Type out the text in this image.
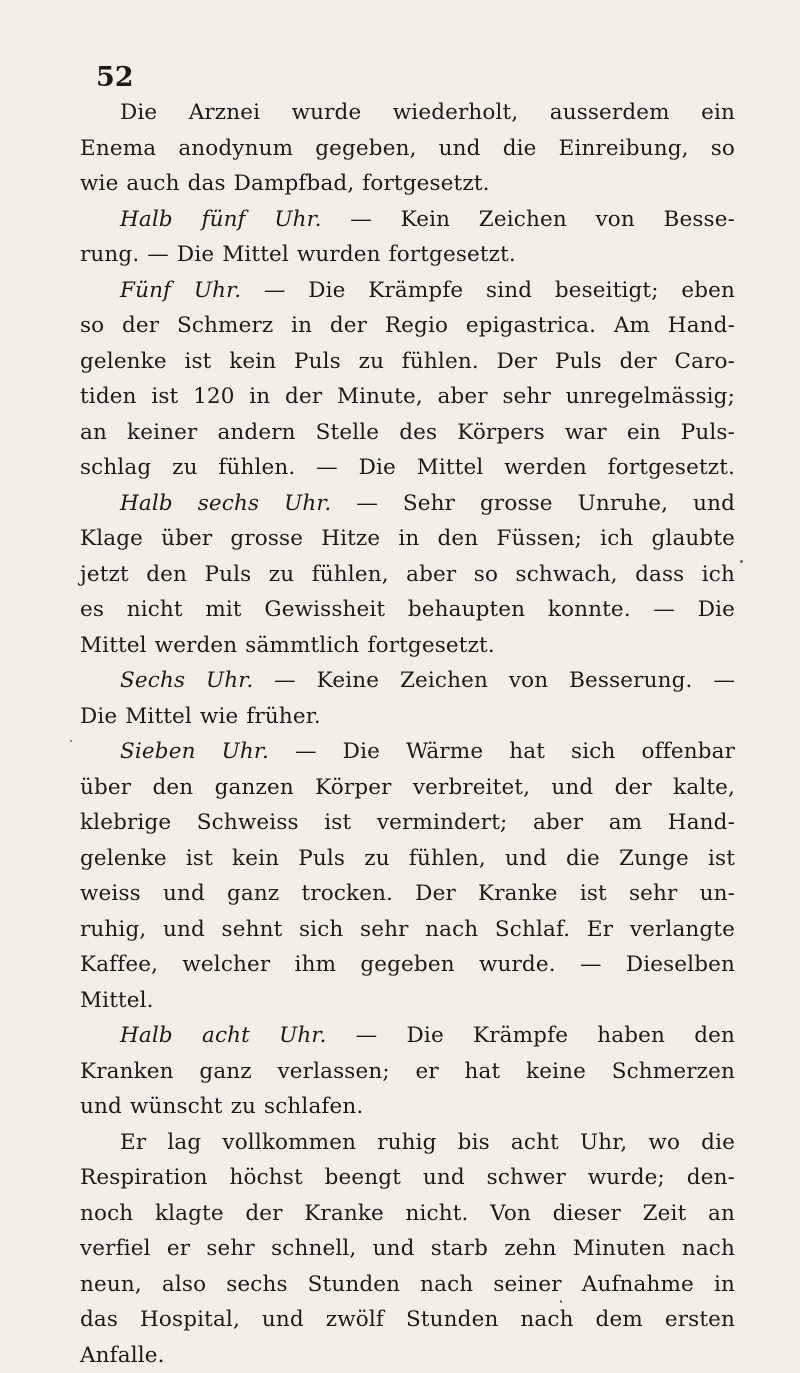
52
Die Arznei wurde wiederholt, ausserdem ein
Enema anodynum gegeben, und die Einreibung, so
wie auch das Dampfbad, fortgesetzt.
Halb fünf Uhr. — Kein Zeichen von Besse-
rung. — Die Mittel wurden fortgesetzt.
Fünf Uhr. — Die Krämpfe sind beseitigt; eben
so der Schmerz in der Regio epigastrica. Am Hand-
gelenke ist kein Puls zu fühlen. Der Puls der Caro-
tiden ist 120 in der Minute, aber sehr unregelmässig;
an keiner andern Stelle des Körpers war ein Puls-
schlag zu fühlen. — Die Mittel werden fortgesetzt.
Halb sechs Uhr. — Sehr grosse Unruhe, und
Klage über grosse Hitze in den Füssen; ich glaubte
jetzt den Puls zu fühlen, aber so schwach, dass ich
es nicht mit Gewissheit behaupten konnte. — Die
Mittel werden sämmtlich fortgesetzt.
Sechs Uhr. — Keine Zeichen von Besserung. —
Die Mittel wie früher.
Sieben Uhr. — Die Wärme hat sich offenbar
über den ganzen Körper verbreitet, und der kalte,
klebrige Schweiss ist vermindert; aber am Hand-
gelenke ist kein Puls zu fühlen, und die Zunge ist
weiss und ganz trocken. Der Kranke ist sehr un-
ruhig, und sehnt sich sehr nach Schlaf. Er verlangte
Kaffee, welcher ihm gegeben wurde. — Dieselben
Mittel.
Halb acht Uhr. — Die Krämpfe haben den
Kranken ganz verlassen; er hat keine Schmerzen
und wünscht zu schlafen.
Er lag vollkommen ruhig bis acht Uhr, wo die
Respiration höchst beengt und schwer wurde; den-
noch klagte der Kranke nicht. Von dieser Zeit an
verfiel er sehr schnell, und starb zehn Minuten nach
neun, also sechs Stunden nach seiner Aufnahme in
das Hospital, und zwölf Stunden nach dem ersten
Anfalle.
